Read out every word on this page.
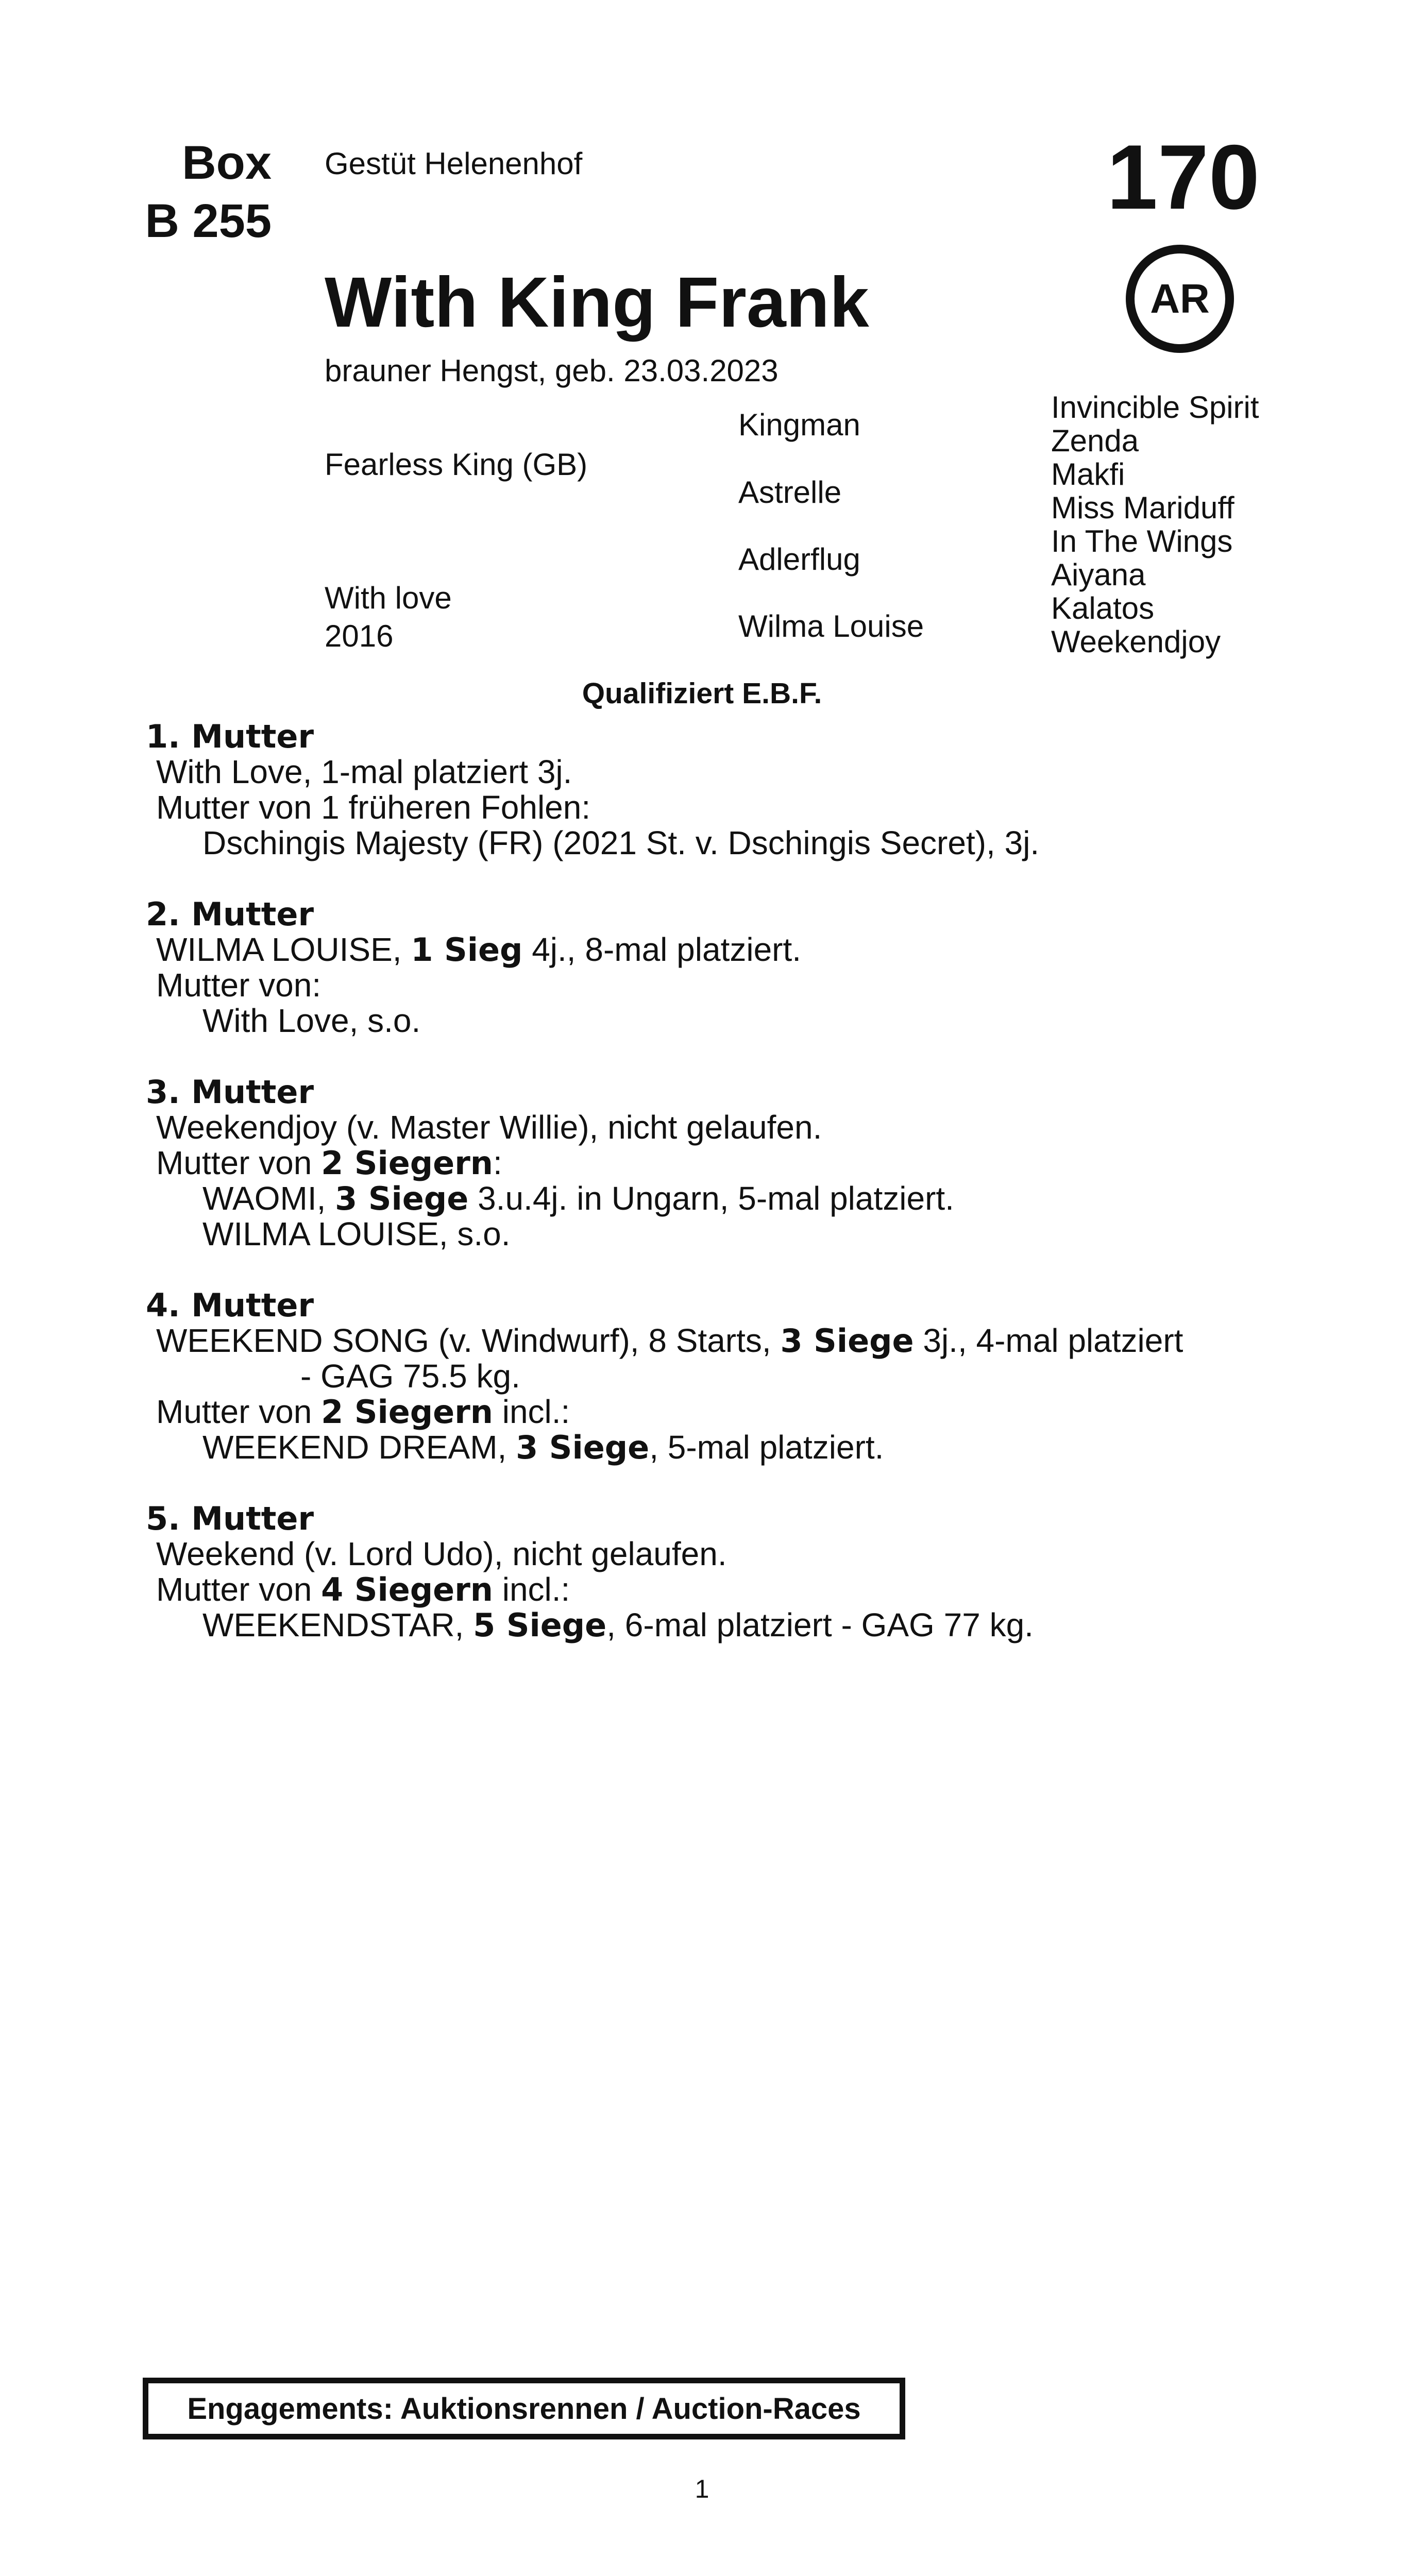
Box
B 255
Gestüt Helenenhof	170
AR
With King Frank
brauner Hengst, geb. 23.03.2023
Fearless King (GB)
With love
2016
Kingman
Astrelle
Adlerflug
Wilma Louise
Invincible Spirit
Zenda
Makfi
Miss Mariduff
In The Wings
Aiyana
Kalatos
Weekendjoy
Qualifiziert E.B.F.
1. Mutter
With Love, 1-mal platziert 3j.
Mutter von 1 früheren Fohlen:
Dschingis Majesty (FR) (2021 St. v. Dschingis Secret), 3j.
2. Mutter
WILMA LOUISE, 1 Sieg 4j., 8-mal platziert.
Mutter von:
With Love, s.o.
3. Mutter
Weekendjoy (v. Master Willie), nicht gelaufen.
Mutter von 2 Siegern:
WAOMI, 3 Siege 3.u.4j. in Ungarn, 5-mal platziert.
WILMA LOUISE, s.o.
4. Mutter
WEEKEND SONG (v. Windwurf), 8 Starts, 3 Siege 3j., 4-mal platziert
- GAG 75.5 kg.
Mutter von 2 Siegern incl.:
WEEKEND DREAM, 3 Siege, 5-mal platziert.
5. Mutter
Weekend (v. Lord Udo), nicht gelaufen.
Mutter von 4 Siegern incl.:
WEEKENDSTAR, 5 Siege, 6-mal platziert - GAG 77 kg.
Engagements: Auktionsrennen / Auction-Races
1
